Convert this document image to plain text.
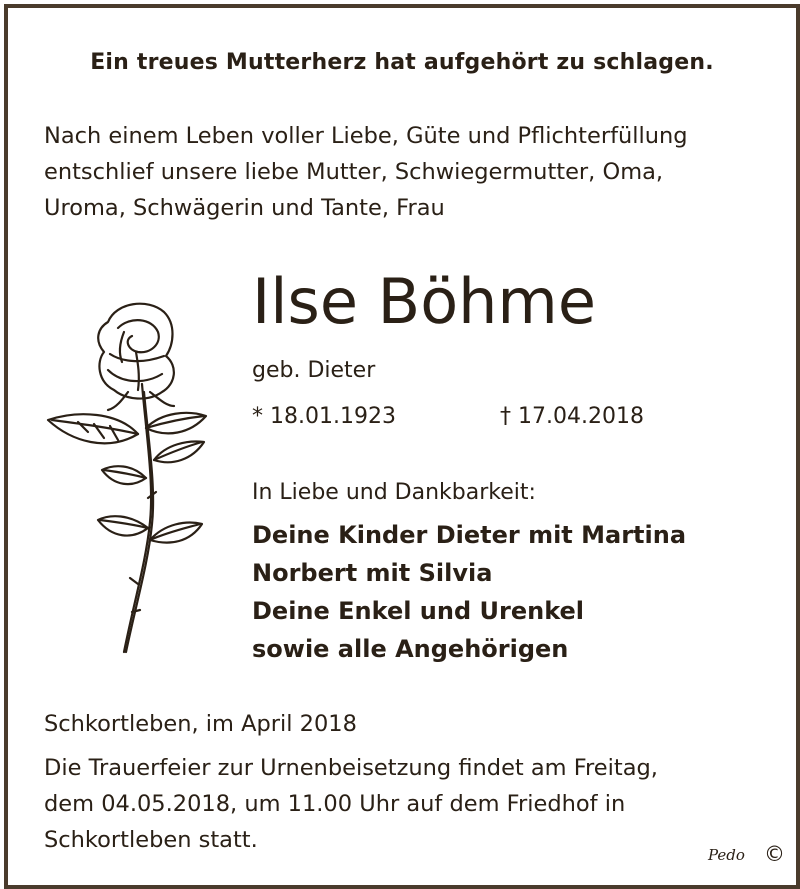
Ein treues Mutterherz hat aufgehört zu schlagen.
Nach einem Leben voller Liebe, Güte und Pflichterfüllung
entschlief unsere liebe Mutter, Schwiegermutter, Oma,
Uroma, Schwägerin und Tante, Frau
Ilse Böhme
geb. Dieter
* 18.01.1923	† 17.04.2018
In Liebe und Dankbarkeit:
Deine Kinder Dieter mit Martina
Norbert mit Silvia
Deine Enkel und Urenkel
sowie alle Angehörigen
Schkortleben, im April 2018
Die Trauerfeier zur Urnenbeisetzung findet am Freitag,
dem 04.05.2018, um 11.00 Uhr auf dem Friedhof in
Schkortleben statt.
Pedo ©
